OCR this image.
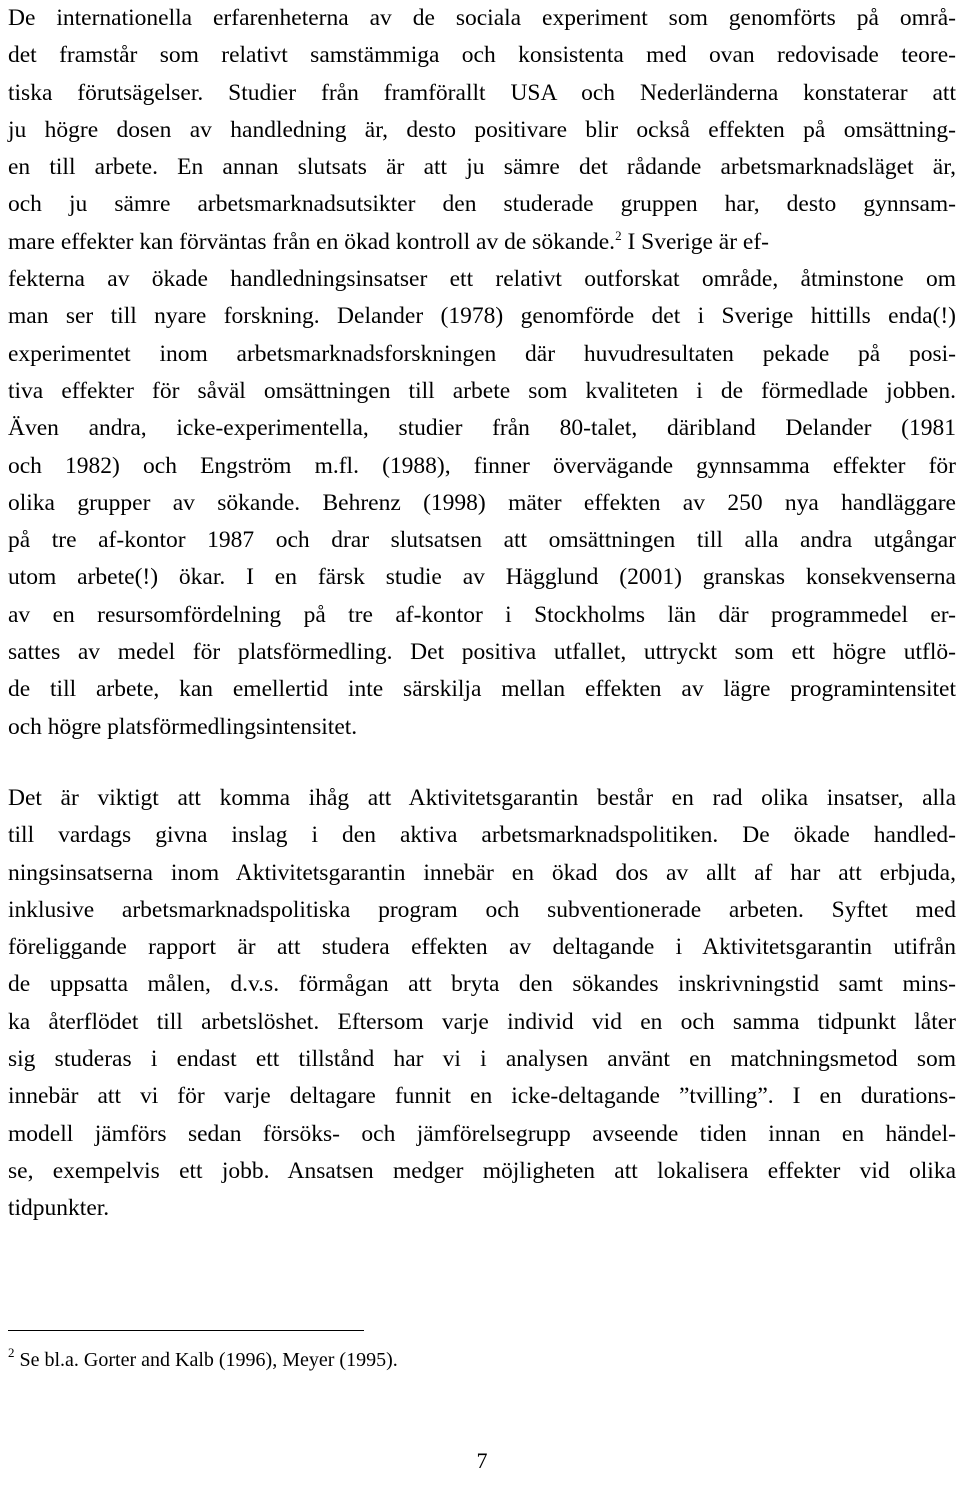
De internationella erfarenheterna av de sociala experiment som genomförts på områ-
det framstår som relativt samstämmiga och konsistenta med ovan redovisade teore-
tiska förutsägelser. Studier från framförallt USA och Nederländerna konstaterar att
ju högre dosen av handledning är, desto positivare blir också effekten på omsättning-
en till arbete. En annan slutsats är att ju sämre det rådande arbetsmarknadsläget är,
och ju sämre arbetsmarknadsutsikter den studerade gruppen har, desto gynnsam-
mare effekter kan förväntas från en ökad kontroll av de sökande.$^2$ I Sverige är ef-
fekterna av ökade handledningsinsatser ett relativt outforskat område, åtminstone om
man ser till nyare forskning. Delander (1978) genomförde det i Sverige hittills enda(!)
experimentet inom arbetsmarknadsforskningen där huvudresultaten pekade på posi-
tiva effekter för såväl omsättningen till arbete som kvaliteten i de förmedlade jobben.
Även andra, icke-experimentella, studier från 80-talet, däribland Delander (1981
och 1982) och Engström m.fl. (1988), finner övervägande gynnsamma effekter för
olika grupper av sökande. Behrenz (1998) mäter effekten av 250 nya handläggare
på tre af-kontor 1987 och drar slutsatsen att omsättningen till alla andra utgångar
utom arbete(!) ökar. I en färsk studie av Hägglund (2001) granskas konsekvenserna
av en resursomfördelning på tre af-kontor i Stockholms län där programmedel er-
sattes av medel för platsförmedling. Det positiva utfallet, uttryckt som ett högre utflö-
de till arbete, kan emellertid inte särskilja mellan effekten av lägre programintensitet
och högre platsförmedlingsintensitet.
Det är viktigt att komma ihåg att Aktivitetsgarantin består en rad olika insatser, alla
till vardags givna inslag i den aktiva arbetsmarknadspolitiken. De ökade handled-
ningsinsatserna inom Aktivitetsgarantin innebär en ökad dos av allt af har att erbjuda,
inklusive arbetsmarknadspolitiska program och subventionerade arbeten. Syftet med
föreliggande rapport är att studera effekten av deltagande i Aktivitetsgarantin utifrån
de uppsatta målen, d.v.s. förmågan att bryta den sökandes inskrivningstid samt mins-
ka återflödet till arbetslöshet. Eftersom varje individ vid en och samma tidpunkt låter
sig studeras i endast ett tillstånd har vi i analysen använt en matchningsmetod som
innebär att vi för varje deltagare funnit en icke-deltagande ”tvilling”. I en durations-
modell jämförs sedan försöks- och jämförelsegrupp avseende tiden innan en händel-
se, exempelvis ett jobb. Ansatsen medger möjligheten att lokalisera effekter vid olika
tidpunkter.
$^2$ Se bl.a. Gorter and Kalb (1996), Meyer (1995).
7
